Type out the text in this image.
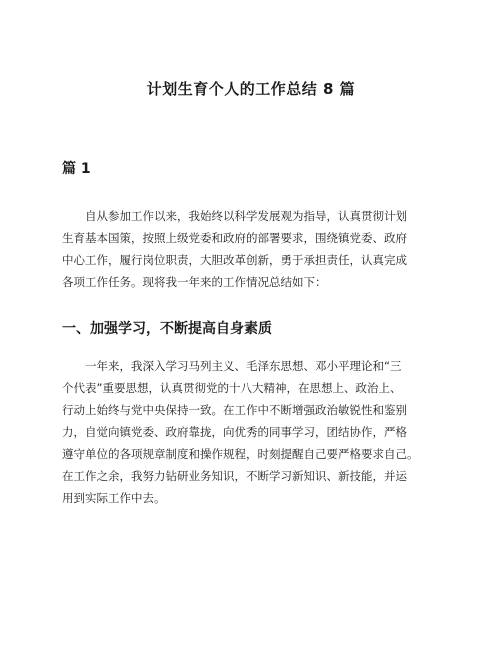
计划生育个人的工作总结 8 篇
篇 1
　　自从参加工作以来，我始终以科学发展观为指导，认真贯彻计划
生育基本国策，按照上级党委和政府的部署要求，围绕镇党委、政府
中心工作，履行岗位职责，大胆改革创新，勇于承担责任，认真完成
各项工作任务。现将我一年来的工作情况总结如下：
一、加强学习，不断提高自身素质
　　一年来，我深入学习马列主义、毛泽东思想、邓小平理论和“三
个代表”重要思想，认真贯彻党的十八大精神，在思想上、政治上、
行动上始终与党中央保持一致。在工作中不断增强政治敏锐性和鉴别
力，自觉向镇党委、政府靠拢，向优秀的同事学习，团结协作，严格
遵守单位的各项规章制度和操作规程，时刻提醒自己要严格要求自己。
在工作之余，我努力钻研业务知识，不断学习新知识、新技能，并运
用到实际工作中去。
